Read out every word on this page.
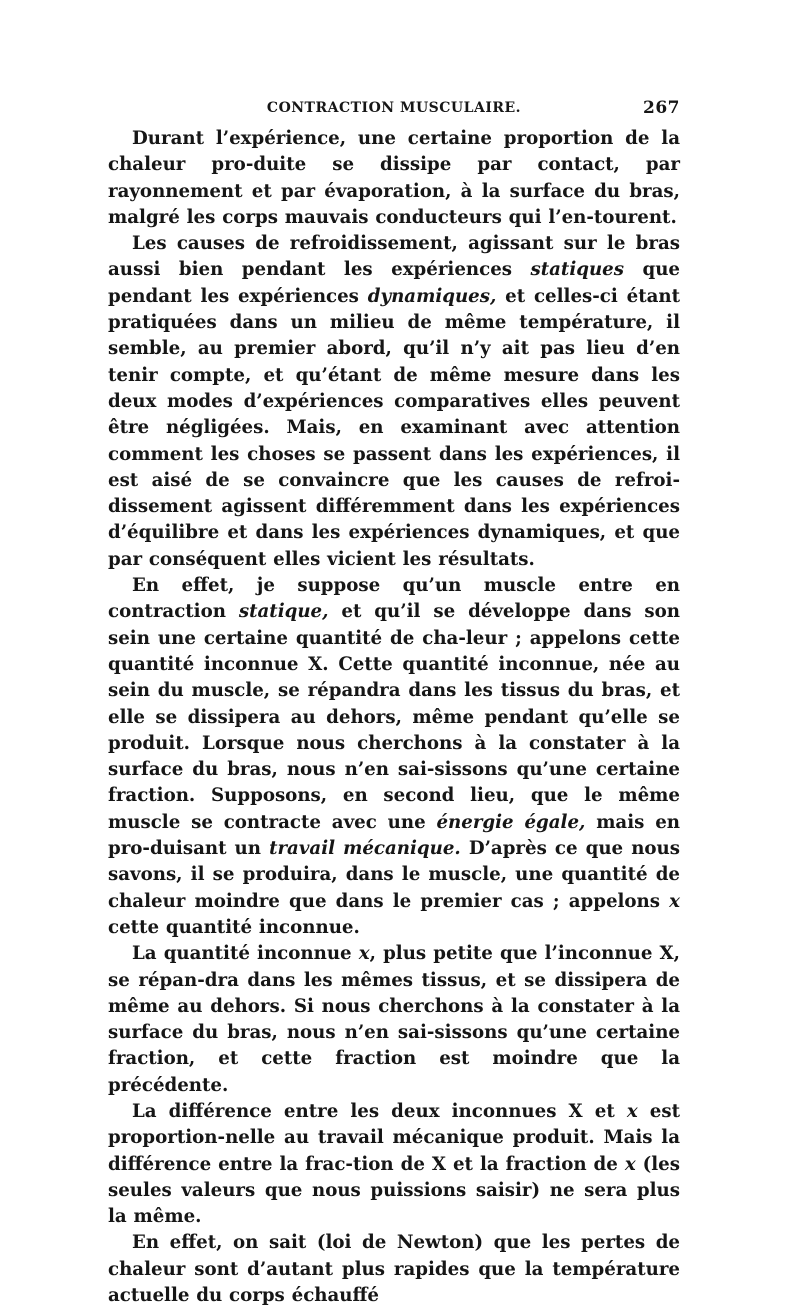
CONTRACTION MUSCULAIRE.	267

Durant l’expérience, une certaine proportion de la chaleur pro-duite se dissipe par contact, par rayonnement et par évaporation, à la surface du bras, malgré les corps mauvais conducteurs qui l’en-tourent.

Les causes de refroidissement, agissant sur le bras aussi bien pendant les expériences statiques que pendant les expériences dynamiques, et celles-ci étant pratiquées dans un milieu de même température, il semble, au premier abord, qu’il n’y ait pas lieu d’en tenir compte, et qu’étant de même mesure dans les deux modes d’expériences comparatives elles peuvent être négligées. Mais, en examinant avec attention comment les choses se passent dans les expériences, il est aisé de se convaincre que les causes de refroi-dissement agissent différemment dans les expériences d’équilibre et dans les expériences dynamiques, et que par conséquent elles vicient les résultats.

En effet, je suppose qu’un muscle entre en contraction statique, et qu’il se développe dans son sein une certaine quantité de cha-leur ; appelons cette quantité inconnue X. Cette quantité inconnue, née au sein du muscle, se répandra dans les tissus du bras, et elle se dissipera au dehors, même pendant qu’elle se produit. Lorsque nous cherchons à la constater à la surface du bras, nous n’en sai-sissons qu’une certaine fraction. Supposons, en second lieu, que le même muscle se contracte avec une énergie égale, mais en pro-duisant un travail mécanique. D’après ce que nous savons, il se produira, dans le muscle, une quantité de chaleur moindre que dans le premier cas ; appelons x cette quantité inconnue.

La quantité inconnue x, plus petite que l’inconnue X, se répan-dra dans les mêmes tissus, et se dissipera de même au dehors. Si nous cherchons à la constater à la surface du bras, nous n’en sai-sissons qu’une certaine fraction, et cette fraction est moindre que la précédente.

La différence entre les deux inconnues X et x est proportion-nelle au travail mécanique produit. Mais la différence entre la frac-tion de X et la fraction de x (les seules valeurs que nous puissions saisir) ne sera plus la même.

En effet, on sait (loi de Newton) que les pertes de chaleur sont d’autant plus rapides que la température actuelle du corps échauffé
